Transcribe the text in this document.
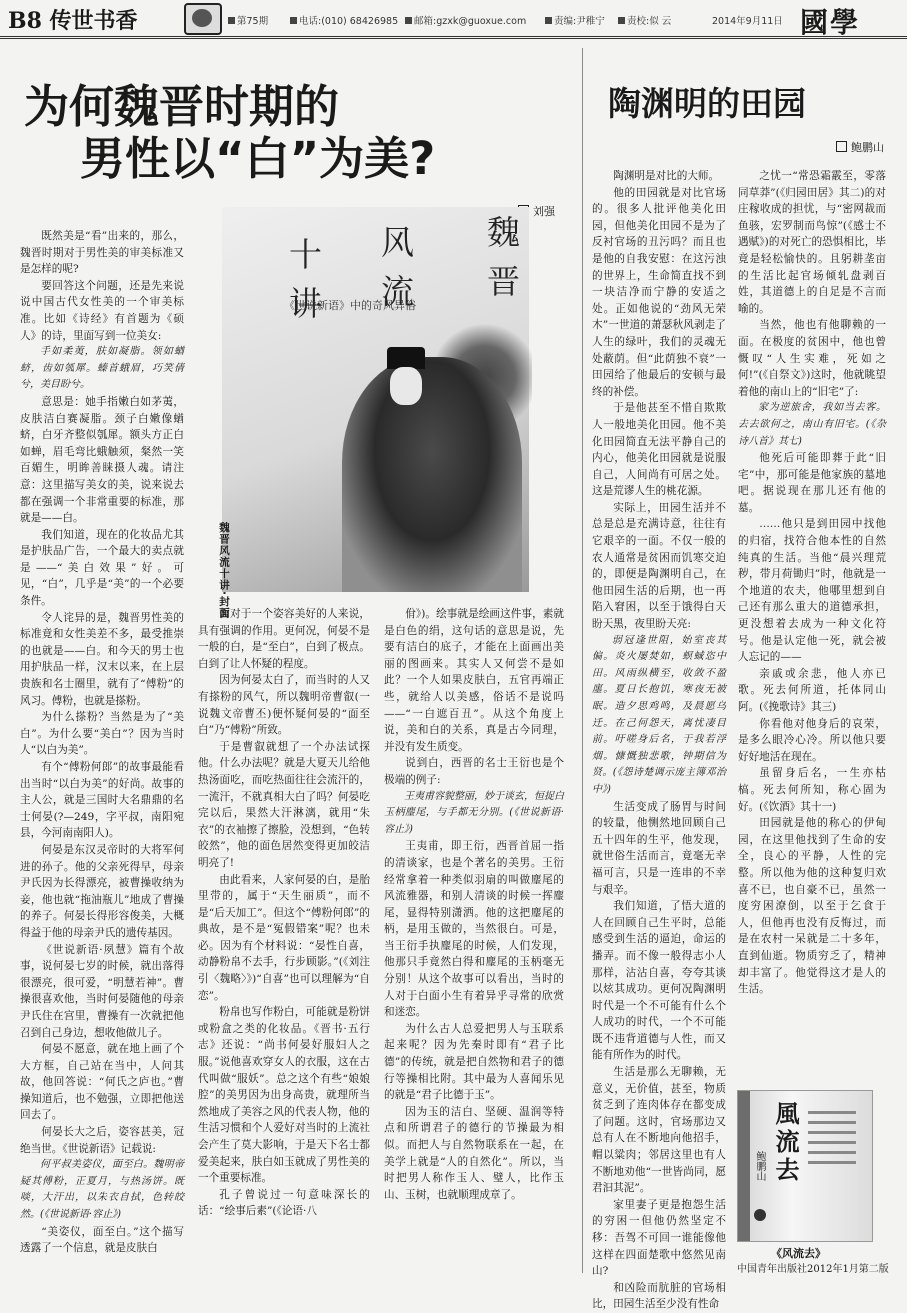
B8 传世书香	第75期	电话:(010) 68426985	邮箱:gzxk@guoxue.com	责编:尹稚宁	责校:似 云	2014年9月11日 國學
为何魏晋时期的
男性以“白”为美?
刘强
陶渊明的田园
鲍鹏山
魏晋
风流
十讲
《世说新语》中的奇风异俗
魏晋风流十讲·封面

既然美是“看”出来的，那么，魏晋时期对于男性美的审美标准又是怎样的呢?

要回答这个问题，还是先来说说中国古代女性美的一个审美标准。比如《诗经》有首题为《硕人》的诗，里面写到一位美女:

手如柔荑，肤如凝脂。领如蝤蛴，齿如瓠犀。螓首蛾眉，巧笑倩兮，美目盼兮。

意思是：她手指嫩白如茅荑，皮肤洁白赛凝脂。颈子白嫩像蝤蛴，白牙齐整似瓠犀。额头方正白如蝉，眉毛弯比蛾触须，粲然一笑百媚生，明眸善睐摄人魂。请注意：这里描写美女的美，说来说去都在强调一个非常重要的标准，那就是——白。

我们知道，现在的化妆品尤其是护肤品广告，一个最大的卖点就是——“美白效果”好。可见，“白”，几乎是“美”的一个必要条件。

令人诧异的是，魏晋男性美的标准竟和女性美差不多，最受推崇的也就是——白。和今天的男士也用护肤品一样，汉末以来，在上层贵族和名士圈里，就有了“傅粉”的风习。傅粉，也就是搽粉。

为什么搽粉？当然是为了“美白”。为什么要“美白”？因为当时人“以白为美”。

有个“傅粉何郎”的故事最能看出当时“以白为美”的好尚。故事的主人公，就是三国时大名鼎鼎的名士何晏(?—249，字平叔，南阳宛县，今河南南阳人)。

何晏是东汉灵帝时的大将军何进的孙子。他的父亲死得早，母亲尹氏因为长得漂亮，被曹操收纳为妾，他也就“拖油瓶儿”地成了曹操的养子。何晏长得形容俊美，大概得益于他的母亲尹氏的遗传基因。

《世说新语·夙慧》篇有个故事，说何晏七岁的时候，就出落得很漂亮，很可爱，“明慧若神”。曹操很喜欢他，当时何晏随他的母亲尹氏住在宫里，曹操有一次就把他召到自己身边，想收他做儿子。

何晏不愿意，就在地上画了个大方框，自己站在当中，人问其故，他回答说：“何氏之庐也。”曹操知道后，也不勉强，立即把他送回去了。

何晏长大之后，姿容甚美，冠绝当世。《世说新语》记载说:

何平叔美姿仪，面至白。魏明帝疑其傅粉，正夏月，与热汤饼。既啖，大汗出，以朱衣自拭，色转皎然。(《世说新语·容止》)

“美姿仪，面至白。”这个描写透露了一个信息，就是皮肤白

皙对于一个姿容美好的人来说，具有强调的作用。更何况，何晏不是一般的白，是“至白”，白到了极点。白到了让人怀疑的程度。

因为何晏太白了，而当时的人又有搽粉的风气，所以魏明帝曹叡(一说魏文帝曹丕)便怀疑何晏的“面至白”乃“傅粉”所致。

于是曹叡就想了一个办法试探他。什么办法呢？就是大夏天儿给他热汤面吃，而吃热面往往会流汗的，一流汗，不就真相大白了吗？何晏吃完以后，果然大汗淋漓，就用“朱衣”的衣袖擦了擦脸，没想到，“色转皎然”，他的面色居然变得更加皎洁明亮了!

由此看来，人家何晏的白，是胎里带的，属于“天生丽质”，而不是“后天加工”。但这个“傅粉何郎”的典故，是不是“冤假错案”呢？也未必。因为有个材料说：“晏性自喜，动静粉帛不去手，行步顾影。”(《刘注引〈魏略〉》)“自喜”也可以理解为“自恋”。

粉帛也写作粉白，可能就是粉饼或粉盒之类的化妆品。《晋书·五行志》还说：“尚书何晏好服妇人之服。”说他喜欢穿女人的衣服，这在古代叫做“服妖”。总之这个有些“娘娘腔”的美男因为出身高贵，就理所当然地成了美容之风的代表人物，他的生活习惯和个人爱好对当时的上流社会产生了莫大影响，于是天下名士都爱美起来，肤白如玉就成了男性美的一个重要标准。

孔子曾说过一句意味深长的话：“绘事后素”(《论语·八

佾》)。绘事就是绘画这件事，素就是白色的绢，这句话的意思是说，先要有洁白的底子，才能在上面画出美丽的图画来。其实人又何尝不是如此？一个人如果皮肤白，五官再端正些，就给人以美感，俗话不是说吗——“一白遮百丑”。从这个角度上说，美和白的关系，真是古今同理，并没有发生质变。

说到白，西晋的名士王衍也是个极端的例子:

王夷甫容貌整丽，妙于谈玄，恒捉白玉柄麈尾，与手都无分别。(《世说新语·容止》)

王夷甫，即王衍，西晋首屈一指的清谈家，也是个著名的美男。王衍经常拿着一种类似羽扇的叫做麈尾的风流雅器，和别人清谈的时候一挥麈尾，显得特别潇洒。他的这把麈尾的柄，是用玉做的，当然很白。可是，当王衍手执麈尾的时候，人们发现，他那只手竟然白得和麈尾的玉柄毫无分别！从这个故事可以看出，当时的人对于白面小生有着异乎寻常的欣赏和迷恋。

为什么古人总爱把男人与玉联系起来呢？因为先秦时即有“君子比德”的传统，就是把自然物和君子的德行等操相比附。其中最为人喜闻乐见的就是“君子比德于玉”。

因为玉的洁白、坚硬、温润等特点和所谓君子的德行的节操最为相似。而把人与自然物联系在一起，在美学上就是“人的自然化”。所以，当时把男人称作玉人、璧人，比作玉山、玉树，也就顺理成章了。

陶渊明是对比的大师。

他的田园就是对比官场的。很多人批评他美化田园，但他美化田园不是为了反衬官场的丑污吗？而且也是他的自我安慰：在这污浊的世界上，生命简直找不到一块洁净而宁静的安适之处。正如他说的“劲风无荣木”一世道的萧瑟秋风剥走了人生的绿叶，我们的灵魂无处蔽荫。但“此荫独不衰”一田园给了他最后的安顿与最终的补偿。

于是他甚至不惜自欺欺人一般地美化田园。他不美化田园简直无法平静自己的内心，他美化田园就是说服自己，人间尚有可居之处。这是荒谬人生的桃花源。

实际上，田园生活并不总是总是充满诗意，往往有它艰辛的一面。不仅一般的农人通常是贫困而饥寒交迫的，即便是陶渊明自己，在他田园生活的后期，也一再陷入窘困，以至于饿得白天盼天黑，夜里盼天亮:

弱冠逢世阻，始室丧其偏。炎火屡焚如，螟蜮恣中田。风雨纵横至，收敛不盈廛。夏日长抱饥，寒夜无被眠。造夕思鸡鸣，及晨愿乌迁。在己何怨天，离忧凄目前。吁嗟身后名，于我若浮烟。慷慨独悲歌，钟期信为贤。(《怨诗楚调示庞主簿邓治中》)

生活变成了肠胃与时间的较量，他恻然地回顾自己五十四年的生平，他发现，就世俗生活而言，竟毫无幸福可言，只是一连串的不幸与艰辛。

我们知道，了悟大道的人在回顾自己生平时，总能感受到生活的逼迫，命运的播弄。而不像一般得志小人那样，沾沾自喜，夸夸其谈以炫其成功。更何况陶渊明时代是一个不可能有什么个人成功的时代，一个不可能既不违背道德与人性，而又能有所作为的时代。

生活是那么无聊赖，无意义，无价值，甚至，物质贫乏到了连肉体存在都变成了问题。这时，官场那边又总有人在不断地向他招手，帽以粱肉；邻居这里也有人不断地劝他“一世皆尚同，愿君汩其泥”。

家里妻子更是抱怨生活的穷困一但他仍然坚定不移：吾驾不可回一谁能像他这样在四面楚歌中悠然见南山?

和凶险而肮脏的官场相比，田园生活至少没有性命

之忧一“常恐霜霰至，零落同草莽”(《归园田居》其二)的对庄稼收成的担忧，与“密网裁而鱼骇，宏罗制而鸟惊”(《感士不遇赋》)的对死亡的恐惧相比，毕竟是轻松愉快的。且躬耕垄亩的生活比起官场倾轧盘剥百姓，其道德上的自足是不言而喻的。

当然，他也有他聊赖的一面。在极度的贫困中，他也曾慨叹“人生实难，死如之何!”(《自祭文》)这时，他就眺望着他的南山上的“旧宅”了:

家为逆旅舍，我如当去客。去去欲何之，南山有旧宅。(《杂诗八首》其七)

他死后可能即葬于此“旧宅”中，那可能是他家族的墓地吧。据说现在那儿还有他的墓。

……他只是到田园中找他的归宿，找符合他本性的自然纯真的生活。当他“晨兴理荒秽，带月荷锄归”时，他就是一个地道的农夫，他哪里想到自己还有那么重大的道德承担，更没想着去成为一种文化符号。他是认定他一死，就会被人忘记的——

亲戚或余悲，他人亦已歌。死去何所道，托体同山阿。(《挽歌诗》其三)

你看他对他身后的哀荣，是多么眼冷心冷。所以他只要好好地活在现在。

虽留身后名，一生亦枯槁。死去何所知，称心固为好。(《饮酒》其十一)

田园就是他的称心的伊甸园，在这里他找到了生命的安全，良心的平静，人性的完整。所以他为他的这种复归欢喜不已，也自豪不已，虽然一度穷困潦倒，以至于乞食于人，但他再也没有反悔过，而是在农村一呆就是二十多年，直到仙逝。物质穷乏了，精神却丰富了。他觉得这才是人的生活。

風流去
鲍鹏山
《风流去》
中国青年出版社2012年1月第二版
